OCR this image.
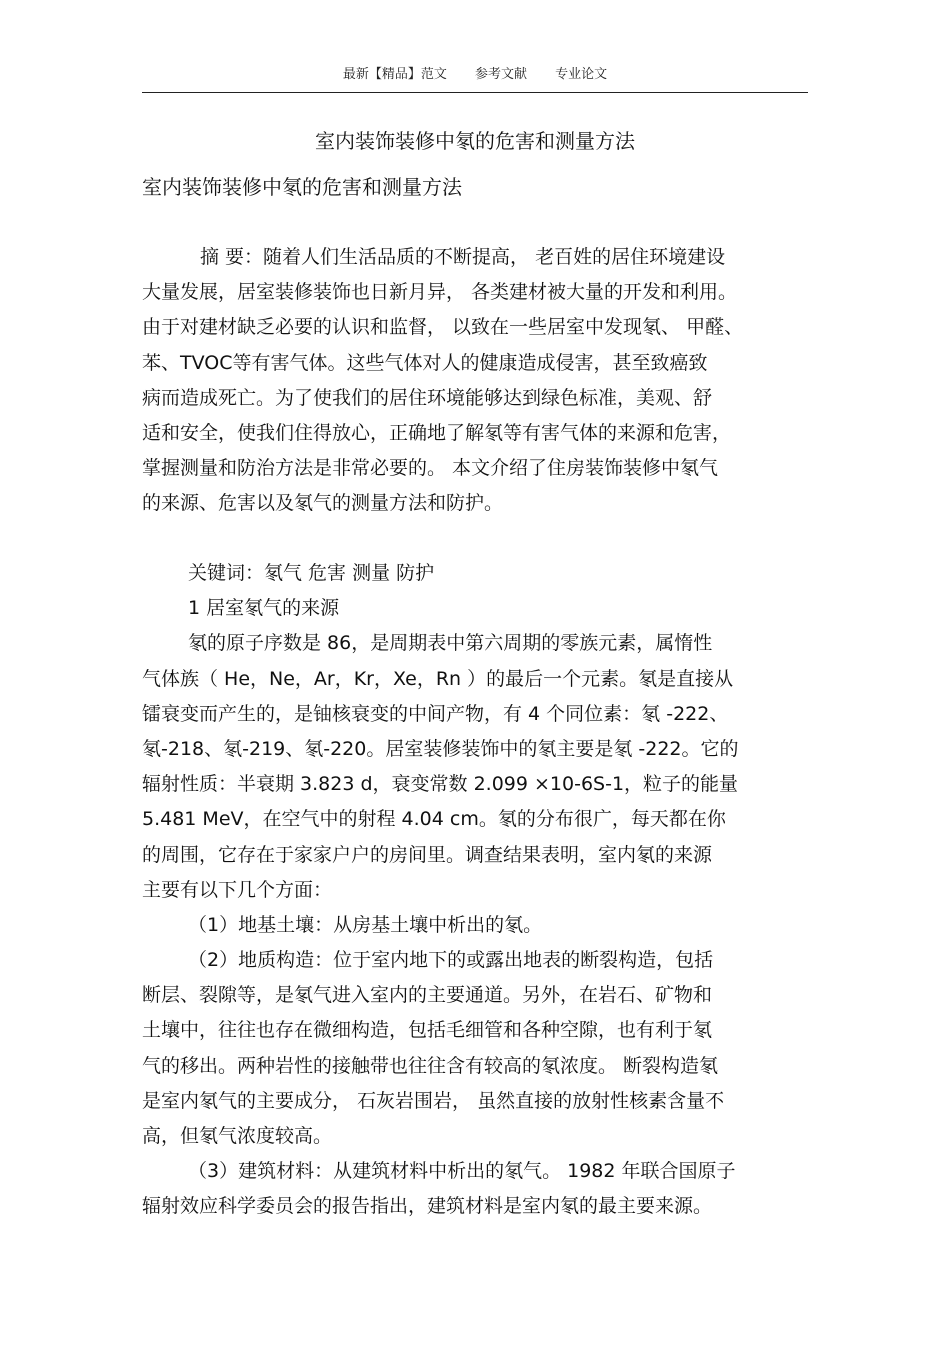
最新【精品】范文 参考文献 专业论文
室内装饰装修中氡的危害和测量方法
室内装饰装修中氡的危害和测量方法
摘 要：随着人们生活品质的不断提高， 老百姓的居住环境建设
大量发展，居室装修装饰也日新月异， 各类建材被大量的开发和利用。
由于对建材缺乏必要的认识和监督， 以致在一些居室中发现氡、 甲醛、
苯、TVOC等有害气体。这些气体对人的健康造成侵害，甚至致癌致
病而造成死亡。为了使我们的居住环境能够达到绿色标准，美观、舒
适和安全，使我们住得放心，正确地了解氡等有害气体的来源和危害，
掌握测量和防治方法是非常必要的。 本文介绍了住房装饰装修中氡气
的来源、危害以及氡气的测量方法和防护。
关键词：氡气 危害 测量 防护
1 居室氡气的来源
氡的原子序数是 86，是周期表中第六周期的零族元素，属惰性
气体族（ He，Ne，Ar，Kr，Xe，Rn ）的最后一个元素。氡是直接从
镭衰变而产生的，是铀核衰变的中间产物，有 4 个同位素：氡 -222、
氡-218、氡-219、氡-220。居室装修装饰中的氡主要是氡 -222。它的
辐射性质：半衰期 3.823 d，衰变常数 2.099 ×10-6S-1，粒子的能量
5.481 MeV，在空气中的射程 4.04 cm。氡的分布很广，每天都在你
的周围，它存在于家家户户的房间里。调查结果表明，室内氡的来源
主要有以下几个方面：
（1）地基土壤：从房基土壤中析出的氡。
（2）地质构造：位于室内地下的或露出地表的断裂构造，包括
断层、裂隙等，是氡气进入室内的主要通道。另外，在岩石、矿物和
土壤中，往往也存在微细构造，包括毛细管和各种空隙，也有利于氡
气的移出。两种岩性的接触带也往往含有较高的氡浓度。 断裂构造氡
是室内氡气的主要成分， 石灰岩围岩， 虽然直接的放射性核素含量不
高，但氡气浓度较高。
（3）建筑材料：从建筑材料中析出的氡气。 1982 年联合国原子
辐射效应科学委员会的报告指出，建筑材料是室内氡的最主要来源。
